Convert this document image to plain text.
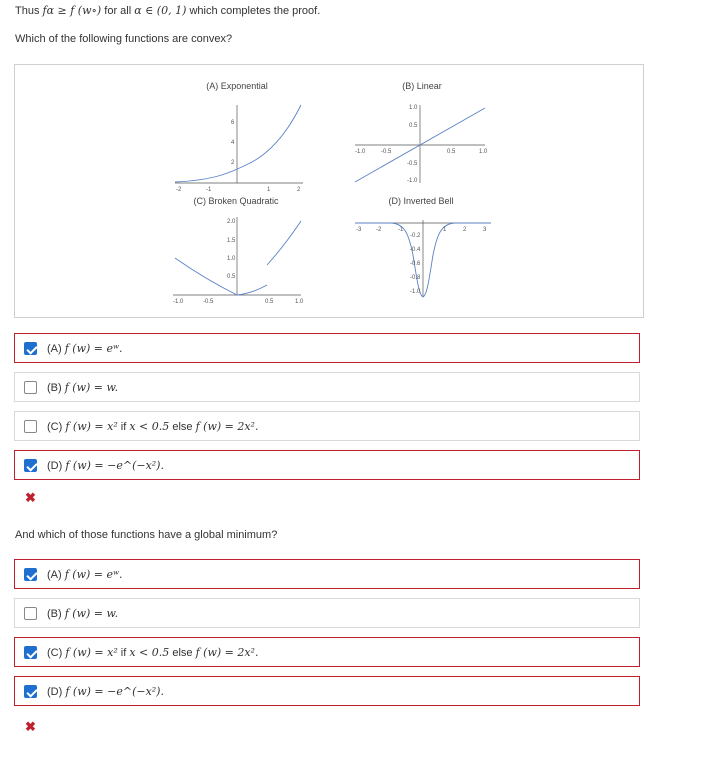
Thus fα ≥ f (w∘) for all α ∈ (0, 1) which completes the proof.
Which of the following functions are convex?
(A) Exponential
-2	-1	1	2
6
4
2
(B) Linear
-1.0	-0.5	0.5	1.0
1.0
0.5
-0.5
-1.0
(C) Broken Quadratic
-1.0	-0.5	0.5	1.0
2.0
1.5
1.0
0.5
(D) Inverted Bell
-3 -2	-1	1	2	3
-0.2
-0.4
-0.6
-0.8
-1.0
(A) f (w) = eʷ.
(B) f (w) = w.
(C) f (w) = x² if x < 0.5 else f (w) = 2x².
(D) f (w) = −e^(−x²).
✖
And which of those functions have a global minimum?
(A) f (w) = eʷ.
(B) f (w) = w.
(C) f (w) = x² if x < 0.5 else f (w) = 2x².
(D) f (w) = −e^(−x²).
✖
